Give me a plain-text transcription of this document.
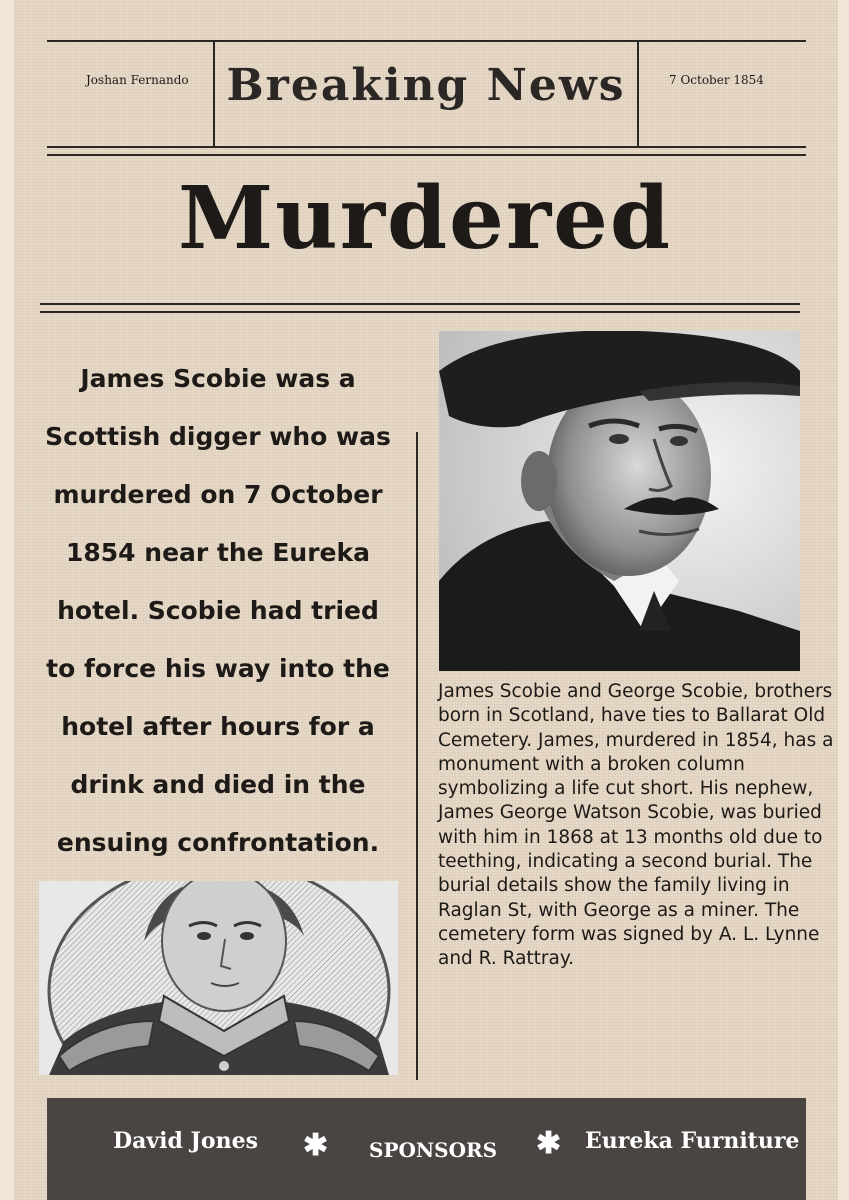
Joshan Fernando Breaking News	7 October 1854
Murdered
James Scobie was a Scottish digger who was murdered on 7 October 1854 near the Eureka hotel. Scobie had tried to force his way into the hotel after hours for a drink and died in the ensuing confrontation.
James Scobie and George Scobie, brothers born in Scotland, have ties to Ballarat Old Cemetery. James, murdered in 1854, has a monument with a broken column symbolizing a life cut short. His nephew, James George Watson Scobie, was buried with him in 1868 at 13 months old due to teething, indicating a second burial. The burial details show the family living in Raglan St, with George as a miner. The cemetery form was signed by A. L. Lynne and R. Rattray.
David Jones ✱ SPONSORS ✱ Eureka Furniture
